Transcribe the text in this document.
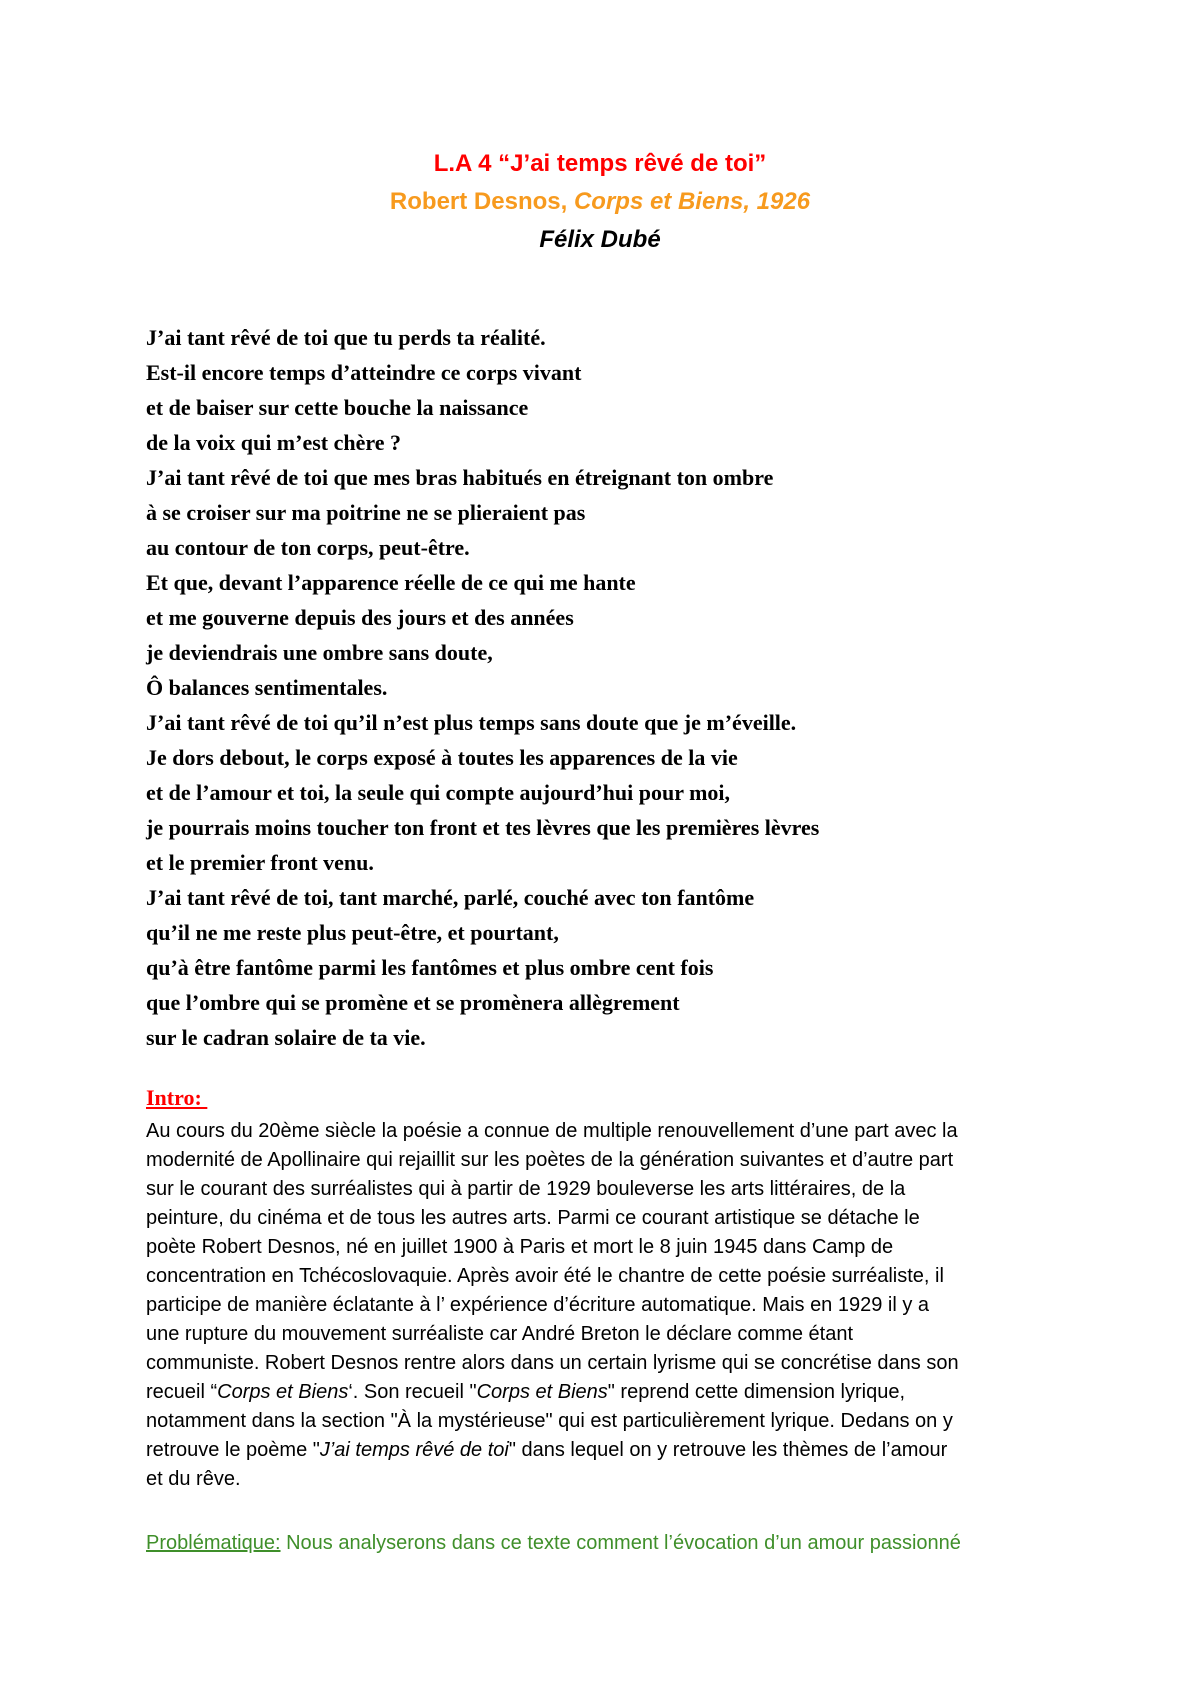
L.A 4 “J’ai temps rêvé de toi”
Robert Desnos, Corps et Biens, 1926
Félix Dubé
J’ai tant rêvé de toi que tu perds ta réalité.
Est-il encore temps d’atteindre ce corps vivant
et de baiser sur cette bouche la naissance
de la voix qui m’est chère ?
J’ai tant rêvé de toi que mes bras habitués en étreignant ton ombre
à se croiser sur ma poitrine ne se plieraient pas
au contour de ton corps, peut-être.
Et que, devant l’apparence réelle de ce qui me hante
et me gouverne depuis des jours et des années
je deviendrais une ombre sans doute,
Ô balances sentimentales.
J’ai tant rêvé de toi qu’il n’est plus temps sans doute que je m’éveille.
Je dors debout, le corps exposé à toutes les apparences de la vie
et de l’amour et toi, la seule qui compte aujourd’hui pour moi,
je pourrais moins toucher ton front et tes lèvres que les premières lèvres
et le premier front venu.
J’ai tant rêvé de toi, tant marché, parlé, couché avec ton fantôme
qu’il ne me reste plus peut-être, et pourtant,
qu’à être fantôme parmi les fantômes et plus ombre cent fois
que l’ombre qui se promène et se promènera allègrement
sur le cadran solaire de ta vie.
Intro:
Au cours du 20ème siècle la poésie a connue de multiple renouvellement d’une part avec la
modernité de Apollinaire qui rejaillit sur les poètes de la génération suivantes et d’autre part
sur le courant des surréalistes qui à partir de 1929 bouleverse les arts littéraires, de la
peinture, du cinéma et de tous les autres arts. Parmi ce courant artistique se détache le
poète Robert Desnos, né en juillet 1900 à Paris et mort le 8 juin 1945 dans Camp de
concentration en Tchécoslovaquie. Après avoir été le chantre de cette poésie surréaliste, il
participe de manière éclatante à l’ expérience d’écriture automatique. Mais en 1929 il y a
une rupture du mouvement surréaliste car André Breton le déclare comme étant
communiste. Robert Desnos rentre alors dans un certain lyrisme qui se concrétise dans son
recueil “Corps et Biens‘. Son recueil "Corps et Biens" reprend cette dimension lyrique,
notamment dans la section "À la mystérieuse" qui est particulièrement lyrique. Dedans on y
retrouve le poème "J’ai temps rêvé de toi" dans lequel on y retrouve les thèmes de l’amour
et du rêve.
Problématique: Nous analyserons dans ce texte comment l’évocation d’un amour passionné
